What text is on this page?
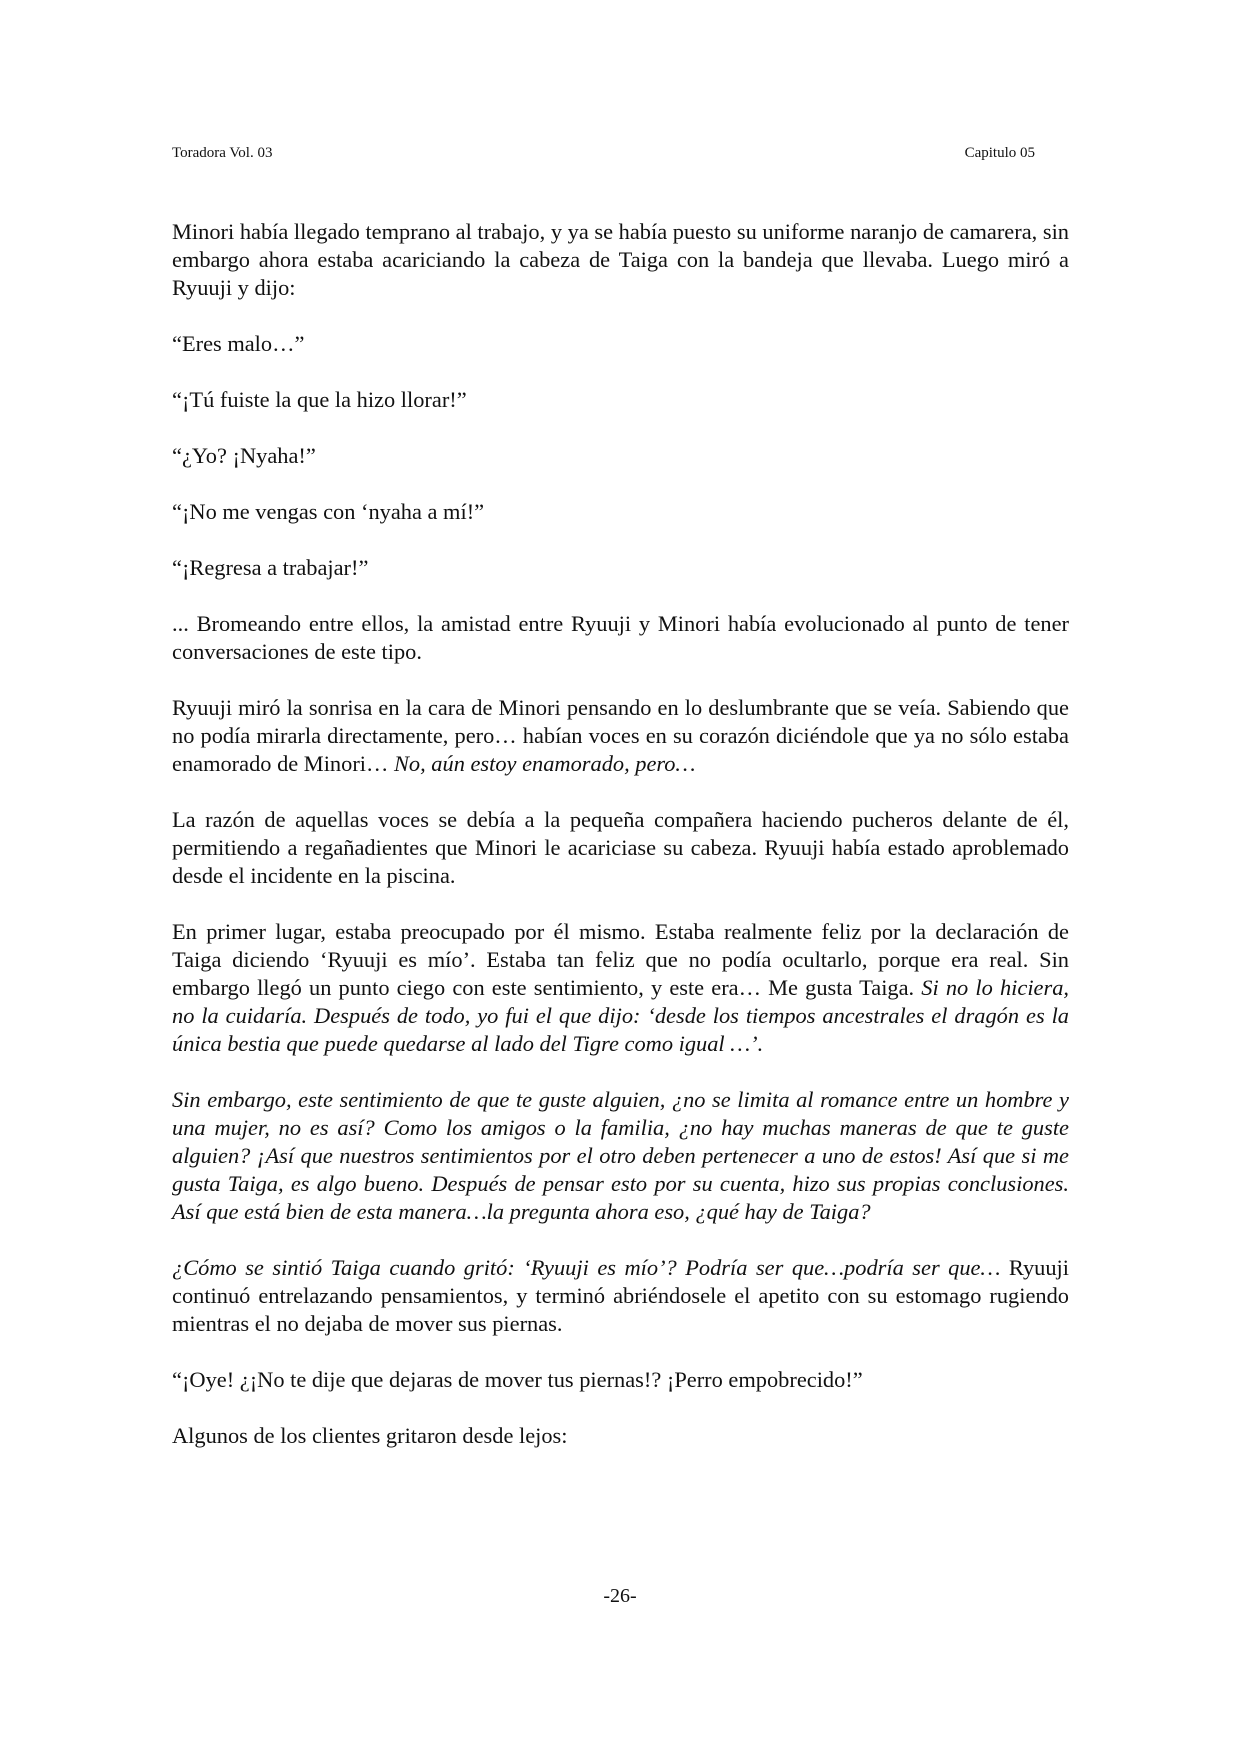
Toradora Vol. 03	Capitulo 05

Minori había llegado temprano al trabajo, y ya se había puesto su uniforme naranjo de camarera, sin embargo ahora estaba acariciando la cabeza de Taiga con la bandeja que llevaba. Luego miró a Ryuuji y dijo:

“Eres malo…”

“¡Tú fuiste la que la hizo llorar!”

“¿Yo? ¡Nyaha!”

“¡No me vengas con ‘nyaha a mí!”

“¡Regresa a trabajar!”

... Bromeando entre ellos, la amistad entre Ryuuji y Minori había evolucionado al punto de tener conversaciones de este tipo.

Ryuuji miró la sonrisa en la cara de Minori pensando en lo deslumbrante que se veía. Sabiendo que no podía mirarla directamente, pero… habían voces en su corazón diciéndole que ya no sólo estaba enamorado de Minori… No, aún estoy enamorado, pero…

La razón de aquellas voces se debía a la pequeña compañera haciendo pucheros delante de él, permitiendo a regañadientes que Minori le acariciase su cabeza. Ryuuji había estado aproblemado desde el incidente en la piscina.

En primer lugar, estaba preocupado por él mismo. Estaba realmente feliz por la declaración de Taiga diciendo ‘Ryuuji es mío’. Estaba tan feliz que no podía ocultarlo, porque era real. Sin embargo llegó un punto ciego con este sentimiento, y este era… Me gusta Taiga. Si no lo hiciera, no la cuidaría. Después de todo, yo fui el que dijo: ‘desde los tiempos ancestrales el dragón es la única bestia que puede quedarse al lado del Tigre como igual …’.

Sin embargo, este sentimiento de que te guste alguien, ¿no se limita al romance entre un hombre y una mujer, no es así? Como los amigos o la familia, ¿no hay muchas maneras de que te guste alguien? ¡Así que nuestros sentimientos por el otro deben pertenecer a uno de estos! Así que si me gusta Taiga, es algo bueno. Después de pensar esto por su cuenta, hizo sus propias conclusiones. Así que está bien de esta manera…la pregunta ahora eso, ¿qué hay de Taiga?

¿Cómo se sintió Taiga cuando gritó: ‘Ryuuji es mío’? Podría ser que…podría ser que… Ryuuji continuó entrelazando pensamientos, y terminó abriéndosele el apetito con su estomago rugiendo mientras el no dejaba de mover sus piernas.

“¡Oye! ¿¡No te dije que dejaras de mover tus piernas!? ¡Perro empobrecido!”

Algunos de los clientes gritaron desde lejos:

-26-
